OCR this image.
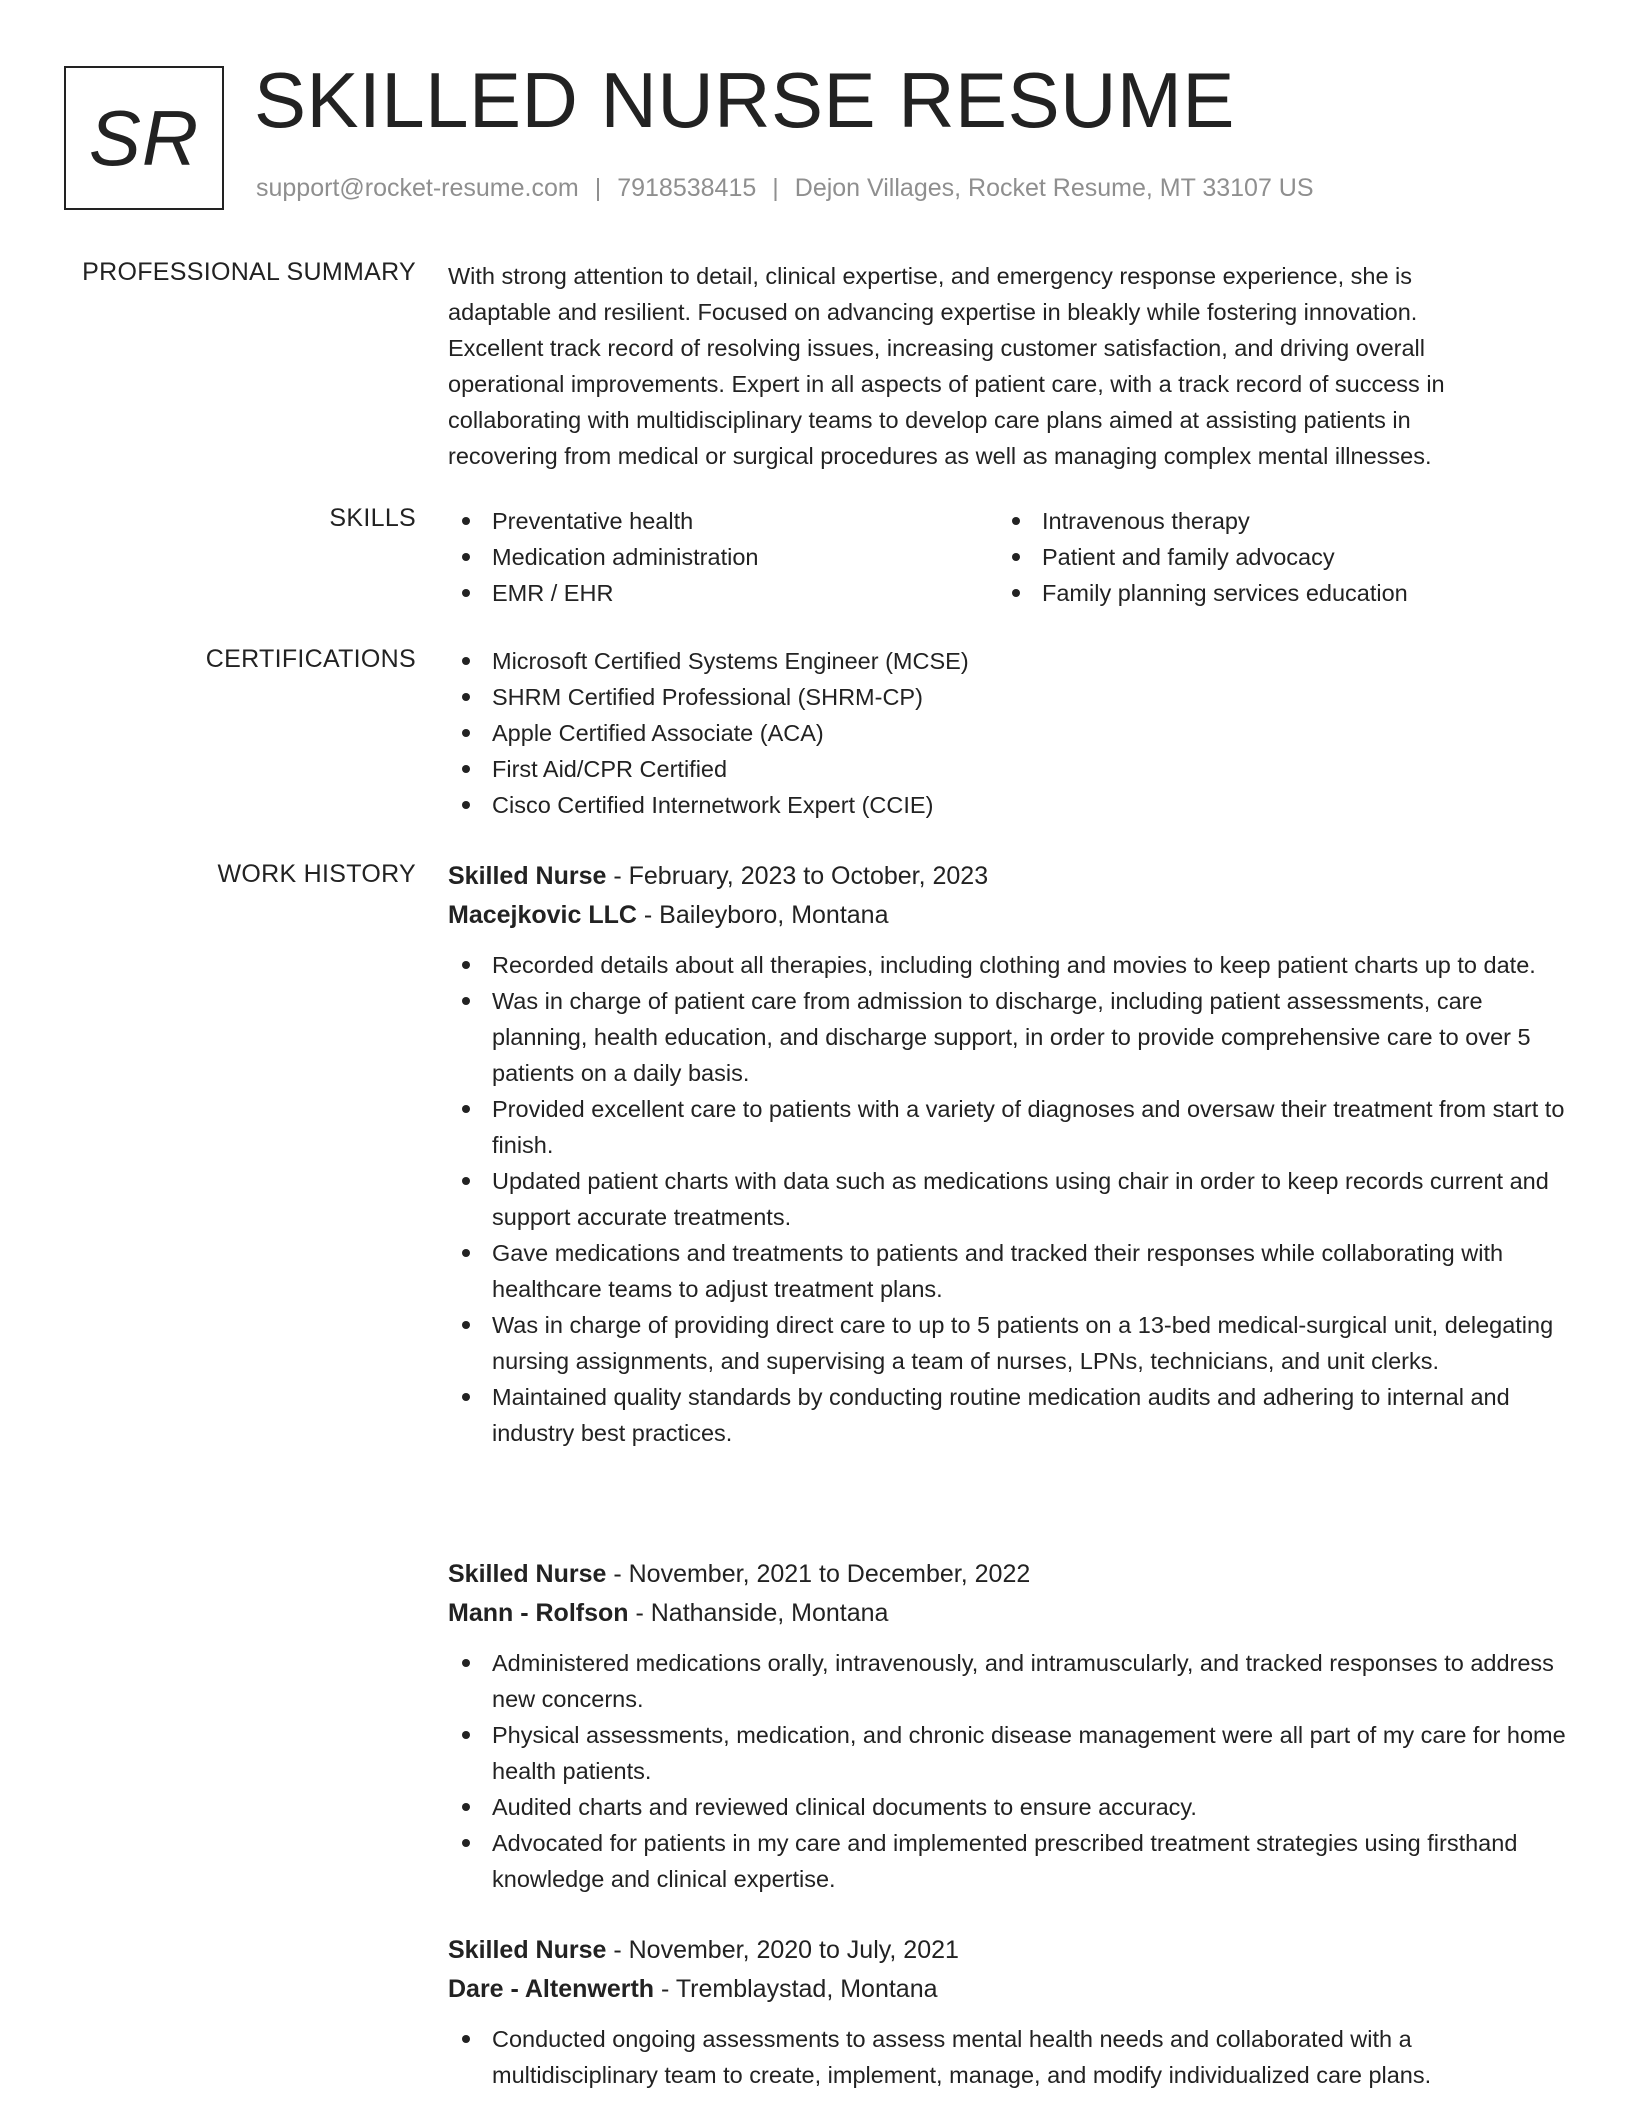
SR SKILLED NURSE RESUME
support@rocket-resume.com | 7918538415 | Dejon Villages, Rocket Resume, MT 33107 US
PROFESSIONAL SUMMARY With strong attention to detail, clinical expertise, and emergency response experience, she is adaptable and resilient. Focused on advancing expertise in bleakly while fostering innovation. Excellent track record of resolving issues, increasing customer satisfaction, and driving overall operational improvements. Expert in all aspects of patient care, with a track record of success in collaborating with multidisciplinary teams to develop care plans aimed at assisting patients in recovering from medical or surgical procedures as well as managing complex mental illnesses.
SKILLS	Preventative health
Medication administration
EMR / EHR
Intravenous therapy
Patient and family advocacy
Family planning services education
CERTIFICATIONS	Microsoft Certified Systems Engineer (MCSE)
SHRM Certified Professional (SHRM-CP)
Apple Certified Associate (ACA)
First Aid/CPR Certified
Cisco Certified Internetwork Expert (CCIE)
WORK HISTORY Skilled Nurse - February, 2023 to October, 2023
Macejkovic LLC - Baileyboro, Montana
Recorded details about all therapies, including clothing and movies to keep patient charts up to date.
Was in charge of patient care from admission to discharge, including patient assessments, care planning, health education, and discharge support, in order to provide comprehensive care to over 5 patients on a daily basis.
Provided excellent care to patients with a variety of diagnoses and oversaw their treatment from start to finish.
Updated patient charts with data such as medications using chair in order to keep records current and support accurate treatments.
Gave medications and treatments to patients and tracked their responses while collaborating with healthcare teams to adjust treatment plans.
Was in charge of providing direct care to up to 5 patients on a 13-bed medical-surgical unit, delegating nursing assignments, and supervising a team of nurses, LPNs, technicians, and unit clerks.
Maintained quality standards by conducting routine medication audits and adhering to internal and industry best practices.
Skilled Nurse - November, 2021 to December, 2022
Mann - Rolfson - Nathanside, Montana
Administered medications orally, intravenously, and intramuscularly, and tracked responses to address new concerns.
Physical assessments, medication, and chronic disease management were all part of my care for home health patients.
Audited charts and reviewed clinical documents to ensure accuracy.
Advocated for patients in my care and implemented prescribed treatment strategies using firsthand knowledge and clinical expertise.
Skilled Nurse - November, 2020 to July, 2021
Dare - Altenwerth - Tremblaystad, Montana
Conducted ongoing assessments to assess mental health needs and collaborated with a multidisciplinary team to create, implement, manage, and modify individualized care plans.
